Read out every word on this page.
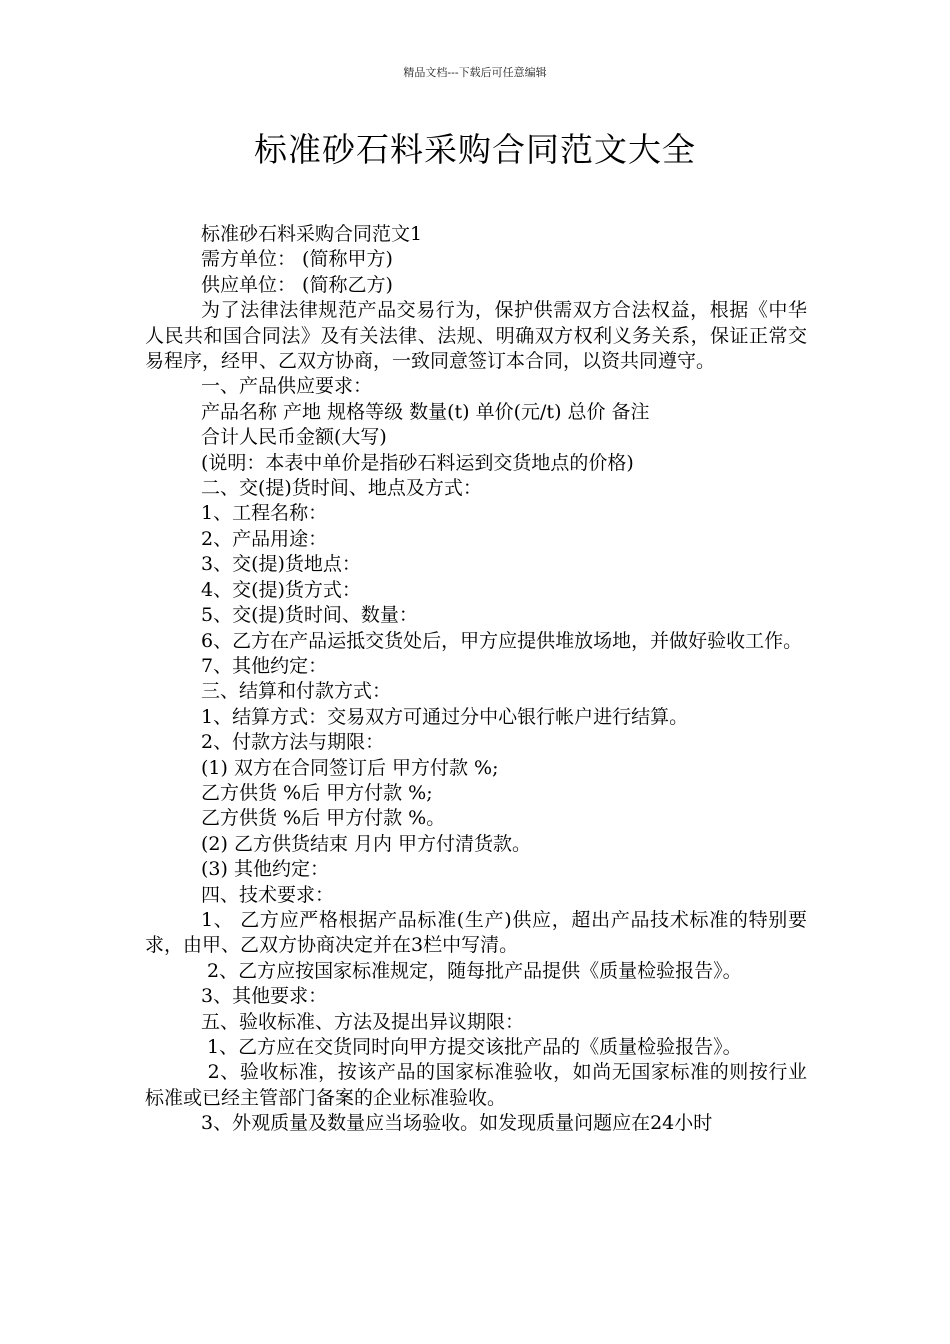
精品文档---下载后可任意编辑
标准砂石料采购合同范文大全

标准砂石料采购合同范文1

需方单位： (简称甲方)

供应单位： (简称乙方)

为了法律法律规范产品交易行为，保护供需双方合法权益，根据《中华人民共和国合同法》及有关法律、法规、明确双方权利义务关系，保证正常交易程序，经甲、乙双方协商，一致同意签订本合同，以资共同遵守。

一、产品供应要求：

产品名称 产地 规格等级 数量(t) 单价(元/t) 总价 备注

合计人民币金额(大写)

(说明：本表中单价是指砂石料运到交货地点的价格)

二、交(提)货时间、地点及方式：

1、工程名称：

2、产品用途：

3、交(提)货地点：

4、交(提)货方式：

5、交(提)货时间、数量：

6、乙方在产品运抵交货处后，甲方应提供堆放场地，并做好验收工作。

7、其他约定：

三、结算和付款方式：

1、结算方式：交易双方可通过分中心银行帐户进行结算。

2、付款方法与期限：

(1) 双方在合同签订后 甲方付款 %;

乙方供货 %后 甲方付款 %;

乙方供货 %后 甲方付款 %。

(2) 乙方供货结束 月内 甲方付清货款。

(3) 其他约定：

四、技术要求：

1、 乙方应严格根据产品标准(生产)供应，超出产品技术标准的特别要求，由甲、乙双方协商决定并在3栏中写清。

2、乙方应按国家标准规定，随每批产品提供《质量检验报告》。

3、其他要求：

五、验收标准、方法及提出异议期限：

1、乙方应在交货同时向甲方提交该批产品的《质量检验报告》。

2、验收标准，按该产品的国家标准验收，如尚无国家标准的则按行业标准或已经主管部门备案的企业标准验收。

3、外观质量及数量应当场验收。如发现质量问题应在24小时
